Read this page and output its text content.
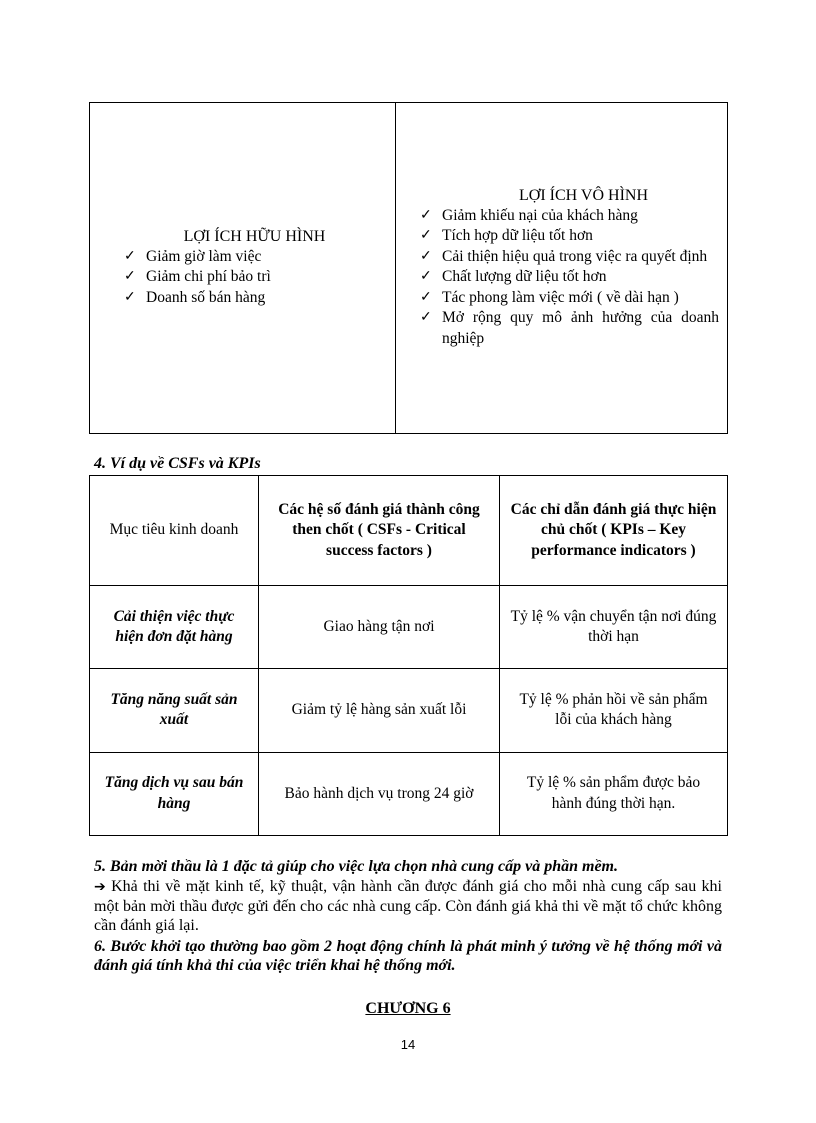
LỢI ÍCH HỮU HÌNH
✓ Giảm giờ làm việc
✓ Giảm chi phí bảo trì
✓ Doanh số bán hàng

LỢI ÍCH VÔ HÌNH
✓ Giảm khiếu nại của khách hàng
✓ Tích hợp dữ liệu tốt hơn
✓ Cải thiện hiệu quả trong việc ra quyết định
✓ Chất lượng dữ liệu tốt hơn
✓ Tác phong làm việc mới ( về dài hạn )
✓ Mở rộng quy mô ảnh hưởng của doanh nghiệp
4. Ví dụ về CSFs và KPIs
Mục tiêu kinh doanh	Các hệ số đánh giá thành công then chốt ( CSFs - Critical success factors )	Các chỉ dẫn đánh giá thực hiện chủ chốt ( KPIs – Key performance indicators )
Cải thiện việc thực hiện đơn đặt hàng	Giao hàng tận nơi	Tỷ lệ % vận chuyển tận nơi đúng thời hạn
Tăng năng suất sản xuất	Giảm tỷ lệ hàng sản xuất lỗi	Tỷ lệ % phản hồi về sản phẩm lỗi của khách hàng
Tăng dịch vụ sau bán hàng	Bảo hành dịch vụ trong 24 giờ	Tỷ lệ % sản phẩm được bảo hành đúng thời hạn.
5. Bản mời thầu là 1 đặc tả giúp cho việc lựa chọn nhà cung cấp và phần mềm.
➔ Khả thi về mặt kinh tế, kỹ thuật, vận hành cần được đánh giá cho mỗi nhà cung cấp sau khi một bản mời thầu được gửi đến cho các nhà cung cấp. Còn đánh giá khả thi về mặt tổ chức không cần đánh giá lại.
6. Bước khởi tạo thường bao gồm 2 hoạt động chính là phát minh ý tưởng về hệ thống mới và đánh giá tính khả thi của việc triển khai hệ thống mới.
CHƯƠNG 6
14
